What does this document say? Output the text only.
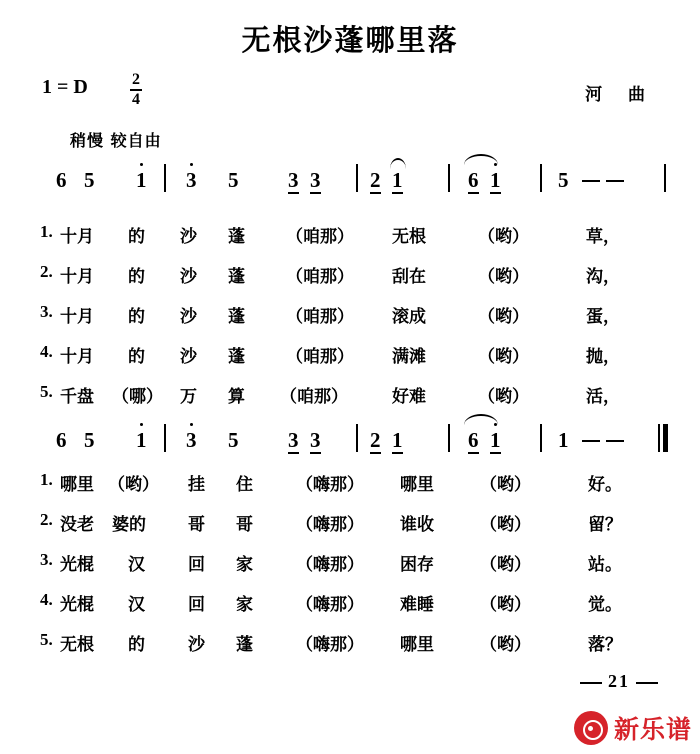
无根沙蓬哪里落
1 = D	$\frac{2}{4}$	河 曲
稍慢 较自由
6 5 1 3 5 3 3 2 1	6 1	5
1. 十月 的 沙 蓬 （咱那） 无根	（哟）	草，
2. 十月 的 沙 蓬 （咱那） 刮在	（哟）	沟，
3. 十月 的 沙 蓬 （咱那） 滚成	（哟）	蛋，
4. 十月 的 沙 蓬 （咱那） 满滩	（哟）	抛，
5. 千盘 （哪） 万 算 （咱那）	好难	（哟）	活，
6 5 1 3 5 3 3 2 1	6 1	1
1. 哪里 （哟） 挂 住	（嗨那） 哪里	（哟）	好。
2. 没老 婆的 哥 哥	（嗨那） 谁收	（哟）	留？
3. 光棍 汉	回 家	（嗨那） 困存	（哟）	站。
4. 光棍 汉	回 家	（嗨那） 难睡	（哟）	觉。
5. 无根 的	沙 蓬	（嗨那） 哪里	（哟）	落？
21
新乐谱
